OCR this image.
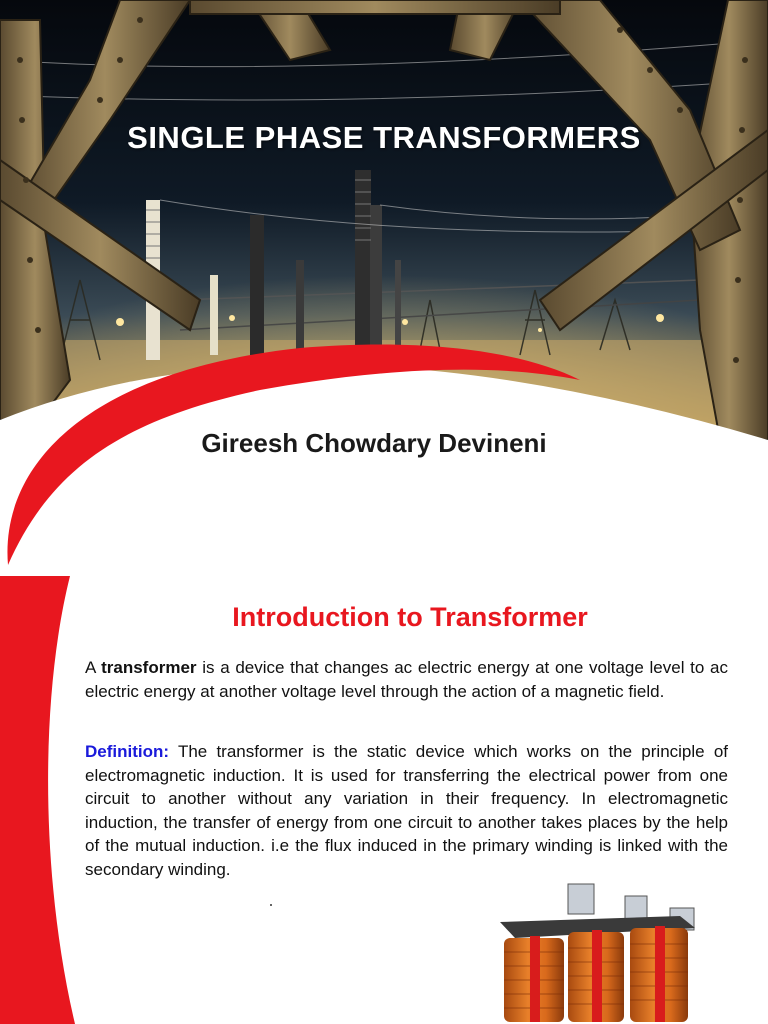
SINGLE PHASE TRANSFORMERS
Gireesh Chowdary Devineni
Introduction to Transformer

A transformer is a device that changes ac electric energy at one voltage level to ac electric energy at another voltage level through the action of a magnetic field.

Definition: The transformer is the static device which works on the principle of electromagnetic induction. It is used for transferring the electrical power from one circuit to another without any variation in their frequency. In electromagnetic induction, the transfer of energy from one circuit to another takes places by the help of the mutual induction. i.e the flux induced in the primary winding is linked with the secondary winding.
